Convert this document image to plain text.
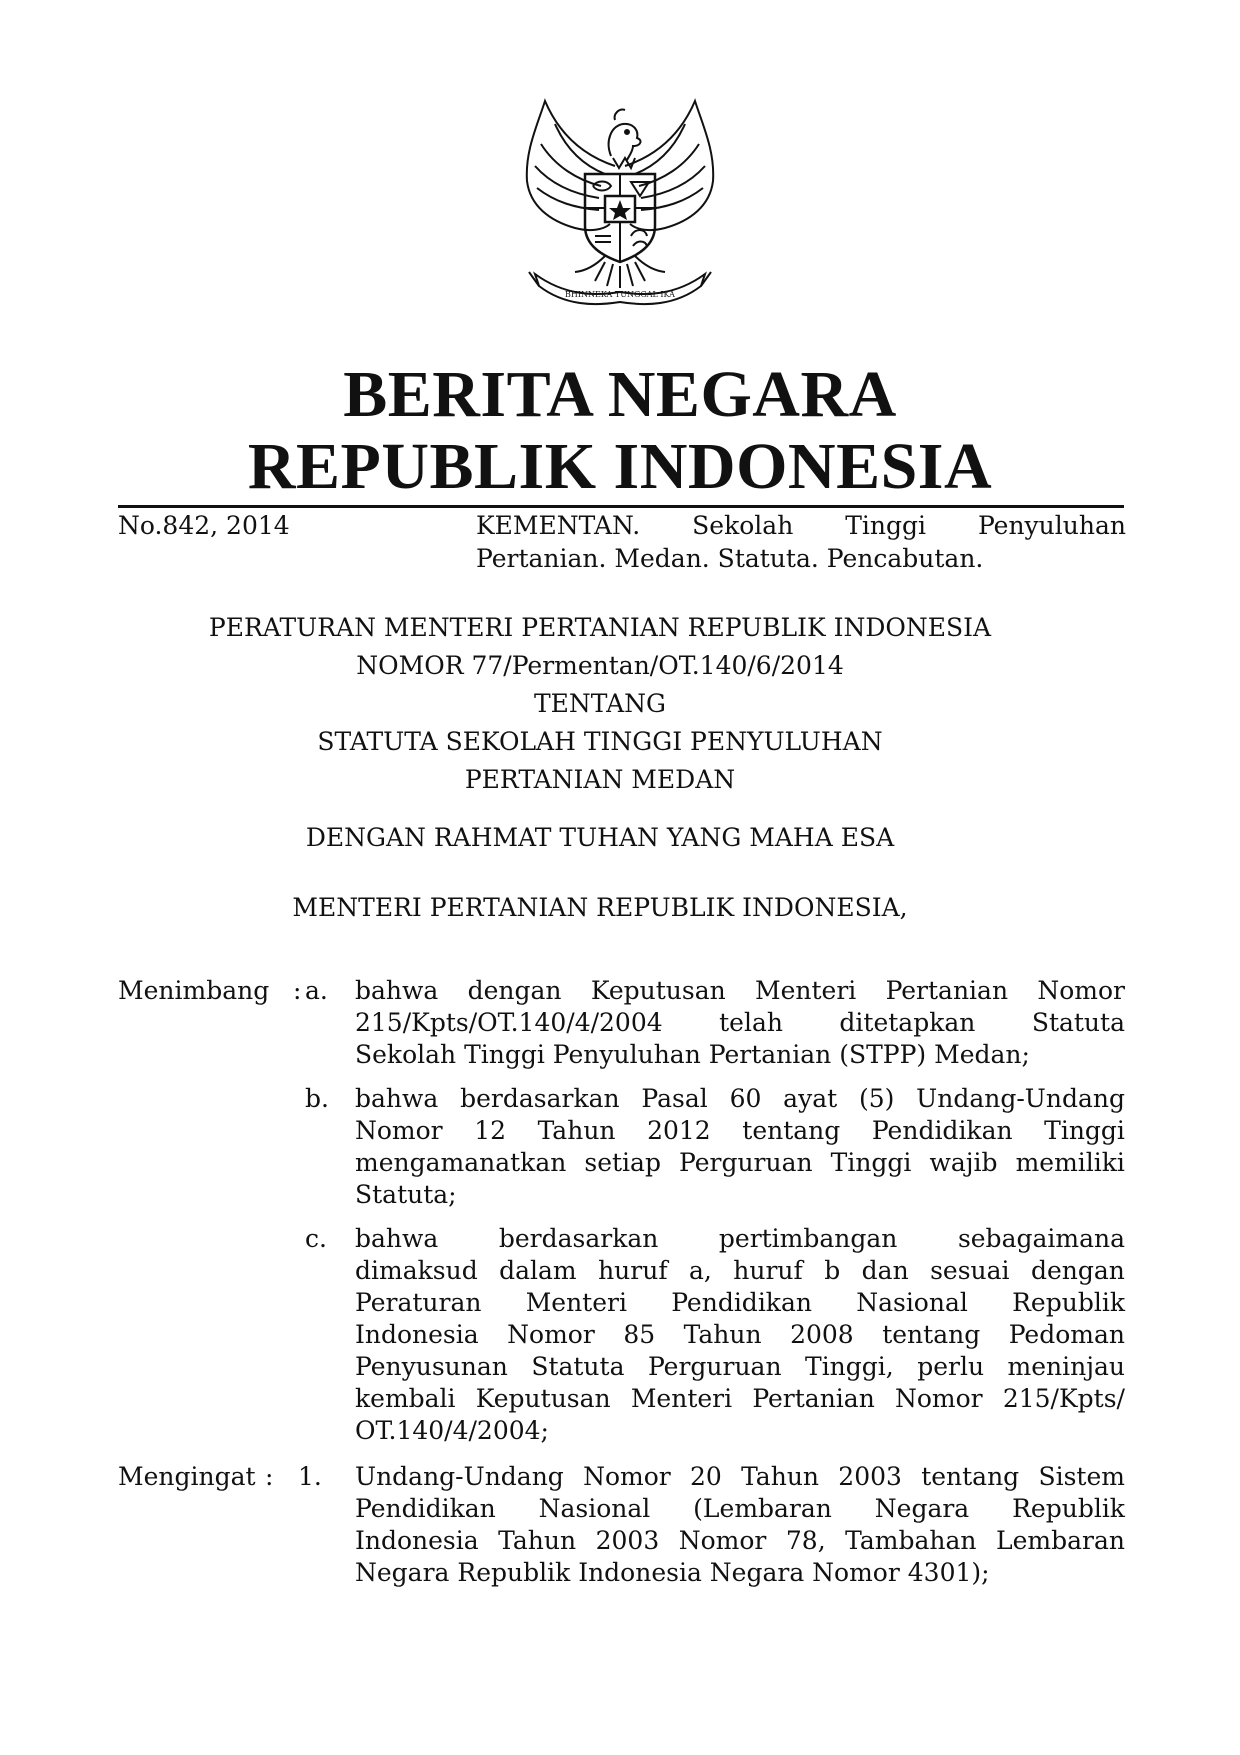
BHINNEKA TUNGGAL IKA
BERITA NEGARA
REPUBLIK INDONESIA
No.842, 2014	KEMENTAN. Sekolah Tinggi Penyuluhan
Pertanian. Medan. Statuta. Pencabutan.
PERATURAN MENTERI PERTANIAN REPUBLIK INDONESIA
NOMOR 77/Permentan/OT.140/6/2014
TENTANG
STATUTA SEKOLAH TINGGI PENYULUHAN
PERTANIAN MEDAN
DENGAN RAHMAT TUHAN YANG MAHA ESA
MENTERI PERTANIAN REPUBLIK INDONESIA,
Menimbang : a. bahwa dengan Keputusan Menteri Pertanian Nomor
215/Kpts/OT.140/4/2004 telah ditetapkan Statuta
Sekolah Tinggi Penyuluhan Pertanian (STPP) Medan;
b. bahwa berdasarkan Pasal 60 ayat (5) Undang-Undang
Nomor 12 Tahun 2012 tentang Pendidikan Tinggi
mengamanatkan setiap Perguruan Tinggi wajib memiliki
Statuta;
c. bahwa berdasarkan pertimbangan sebagaimana
dimaksud dalam huruf a, huruf b dan sesuai dengan
Peraturan Menteri Pendidikan Nasional Republik
Indonesia Nomor 85 Tahun 2008 tentang Pedoman
Penyusunan Statuta Perguruan Tinggi, perlu meninjau
kembali Keputusan Menteri Pertanian Nomor 215/Kpts/
OT.140/4/2004;
Mengingat : 1. Undang-Undang Nomor 20 Tahun 2003 tentang Sistem
Pendidikan Nasional (Lembaran Negara Republik
Indonesia Tahun 2003 Nomor 78, Tambahan Lembaran
Negara Republik Indonesia Negara Nomor 4301);
